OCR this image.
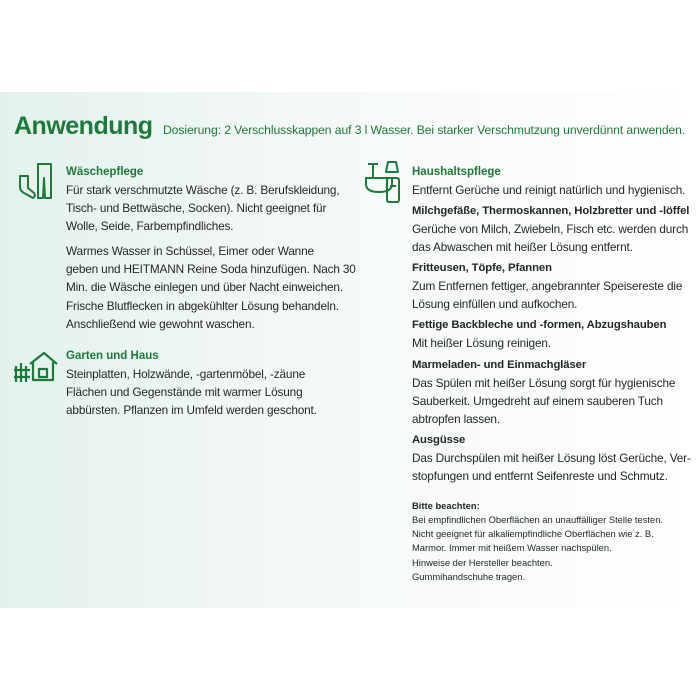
Anwendung Dosierung: 2 Verschlusskappen auf 3 l Wasser. Bei starker Verschmutzung unverdünnt anwenden.
Wäschepflege
Für stark verschmutzte Wäsche (z. B. Berufskleidung,
Tisch- und Bettwäsche, Socken). Nicht geeignet für
Wolle, Seide, Farbempfindliches.
Warmes Wasser in Schüssel, Eimer oder Wanne
geben und HEITMANN Reine Soda hinzufügen. Nach 30
Min. die Wäsche einlegen und über Nacht einweichen.
Frische Blutflecken in abgekühlter Lösung behandeln.
Anschließend wie gewohnt waschen.
Garten und Haus
Steinplatten, Holzwände, -gartenmöbel, -zäune
Flächen und Gegenstände mit warmer Lösung
abbürsten. Pflanzen im Umfeld werden geschont.
Haushaltspflege
Entfernt Gerüche und reinigt natürlich und hygienisch.
Milchgefäße, Thermoskannen, Holzbretter und -löffel
Gerüche von Milch, Zwiebeln, Fisch etc. werden durch
das Abwaschen mit heißer Lösung entfernt.
Fritteusen, Töpfe, Pfannen
Zum Entfernen fettiger, angebrannter Speisereste die
Lösung einfüllen und aufkochen.
Fettige Backbleche und -formen, Abzugshauben
Mit heißer Lösung reinigen.
Marmeladen- und Einmachgläser
Das Spülen mit heißer Lösung sorgt für hygienische
Sauberkeit. Umgedreht auf einem sauberen Tuch
abtropfen lassen.
Ausgüsse
Das Durchspülen mit heißer Lösung löst Gerüche, Ver-
stopfungen und entfernt Seifenreste und Schmutz.
Bitte beachten:
Bei empfindlichen Oberflächen an unauffälliger Stelle testen.
Nicht geeignet für alkaliempfindliche Oberflächen wie z. B.
Marmor. Immer mit heißem Wasser nachspülen.
Hinweise der Hersteller beachten.
Gummihandschuhe tragen.
